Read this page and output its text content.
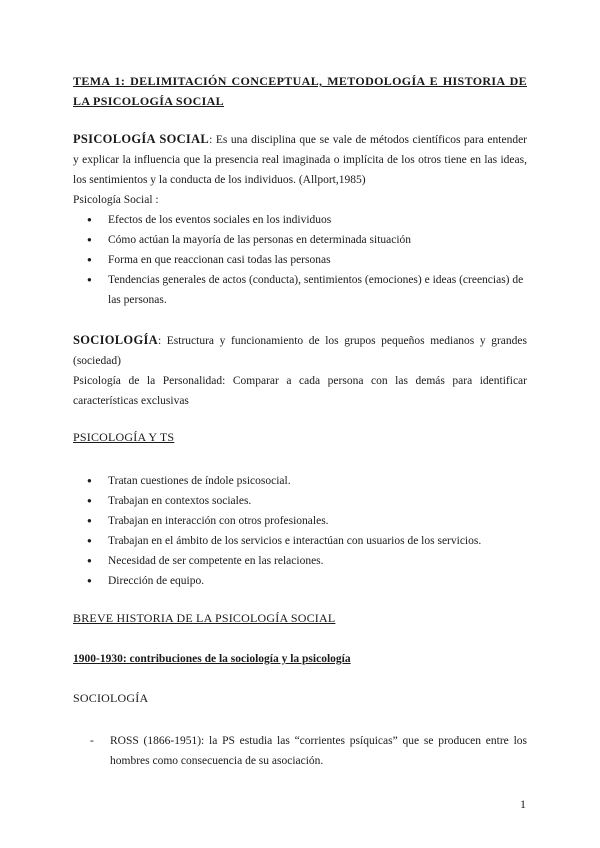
TEMA 1: DELIMITACIÓN CONCEPTUAL, METODOLOGÍA E HISTORIA DE LA PSICOLOGÍA SOCIAL

PSICOLOGÍA SOCIAL: Es una disciplina que se vale de métodos científicos para entender y explicar la influencia que la presencia real imaginada o implícita de los otros tiene en las ideas, los sentimientos y la conducta de los individuos. (Allport,1985)

Psicología Social :

● Efectos de los eventos sociales en los individuos
● Cómo actúan la mayoría de las personas en determinada situación
● Forma en que reaccionan casi todas las personas
● Tendencias generales de actos (conducta), sentimientos (emociones) e ideas (creencias) de las personas.

SOCIOLOGÍA: Estructura y funcionamiento de los grupos pequeños medianos y grandes (sociedad)

Psicología de la Personalidad: Comparar a cada persona con las demás para identificar características exclusivas

PSICOLOGÍA Y TS
● Tratan cuestiones de índole psicosocial.
● Trabajan en contextos sociales.
● Trabajan en interacción con otros profesionales.
● Trabajan en el ámbito de los servicios e interactúan con usuarios de los servicios.
● Necesidad de ser competente en las relaciones.
● Dirección de equipo.
BREVE HISTORIA DE LA PSICOLOGÍA SOCIAL
1900-1930: contribuciones de la sociología y la psicología
SOCIOLOGÍA
- ROSS (1866-1951): la PS estudia las “corrientes psíquicas” que se producen entre los hombres como consecuencia de su asociación.
1
